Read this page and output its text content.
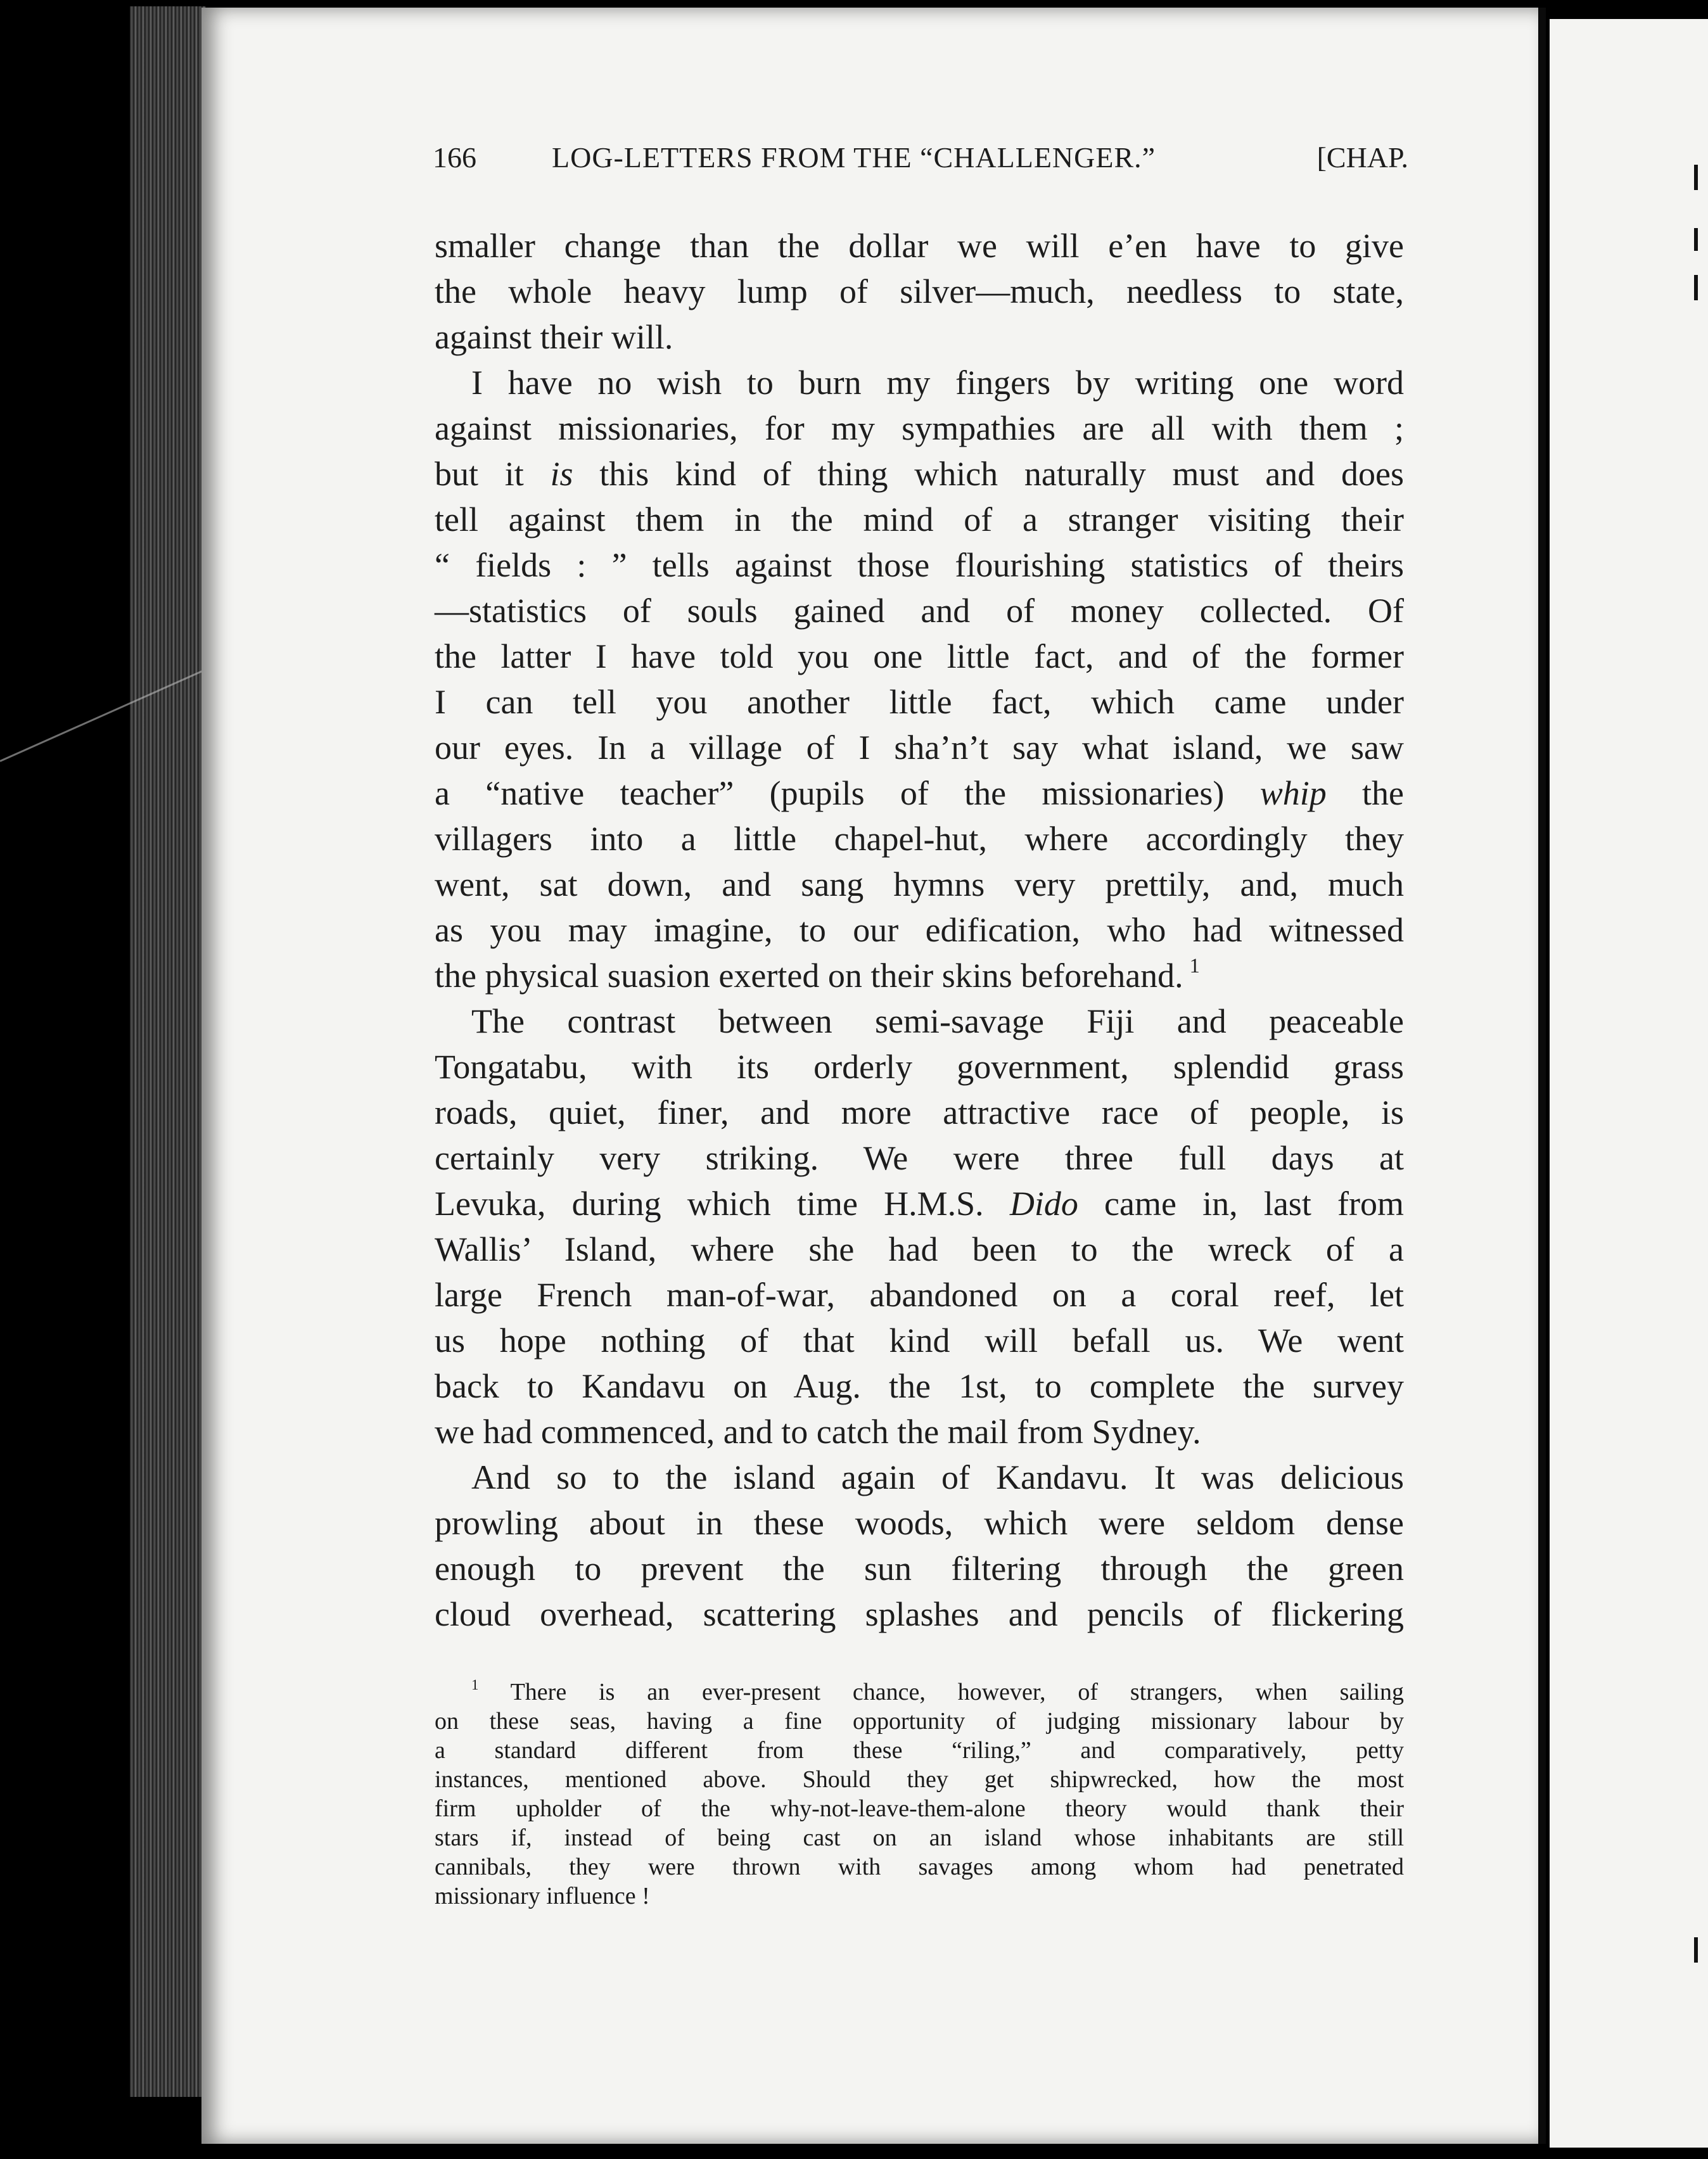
166	LOG-LETTERS FROM THE “CHALLENGER.”	[CHAP.
smaller change than the dollar we will e’en have to give
the whole heavy lump of silver—much, needless to state,
against their will.
I have no wish to burn my fingers by writing one word
against missionaries, for my sympathies are all with them ;
but it is this kind of thing which naturally must and does
tell against them in the mind of a stranger visiting their
“ fields : ” tells against those flourishing statistics of theirs
—statistics of souls gained and of money collected. Of
the latter I have told you one little fact, and of the former
I can tell you another little fact, which came under
our eyes. In a village of I sha’n’t say what island, we saw
a “native teacher” (pupils of the missionaries) whip the
villagers into a little chapel-hut, where accordingly they
went, sat down, and sang hymns very prettily, and, much
as you may imagine, to our edification, who had witnessed
the physical suasion exerted on their skins beforehand. $^1$
The contrast between semi-savage Fiji and peaceable
Tongatabu, with its orderly government, splendid grass
roads, quiet, finer, and more attractive race of people, is
certainly very striking. We were three full days at
Levuka, during which time H.M.S. Dido came in, last from
Wallis’ Island, where she had been to the wreck of a
large French man-of-war, abandoned on a coral reef, let
us hope nothing of that kind will befall us. We went
back to Kandavu on Aug. the 1st, to complete the survey
we had commenced, and to catch the mail from Sydney.
And so to the island again of Kandavu. It was delicious
prowling about in these woods, which were seldom dense
enough to prevent the sun filtering through the green
cloud overhead, scattering splashes and pencils of flickering
$^1$ There is an ever-present chance, however, of strangers, when sailing
on these seas, having a fine opportunity of judging missionary labour by
a standard different from these “riling,” and comparatively, petty
instances, mentioned above. Should they get shipwrecked, how the most
firm upholder of the why-not-leave-them-alone theory would thank their
stars if, instead of being cast on an island whose inhabitants are still
cannibals, they were thrown with savages among whom had penetrated
missionary influence !
